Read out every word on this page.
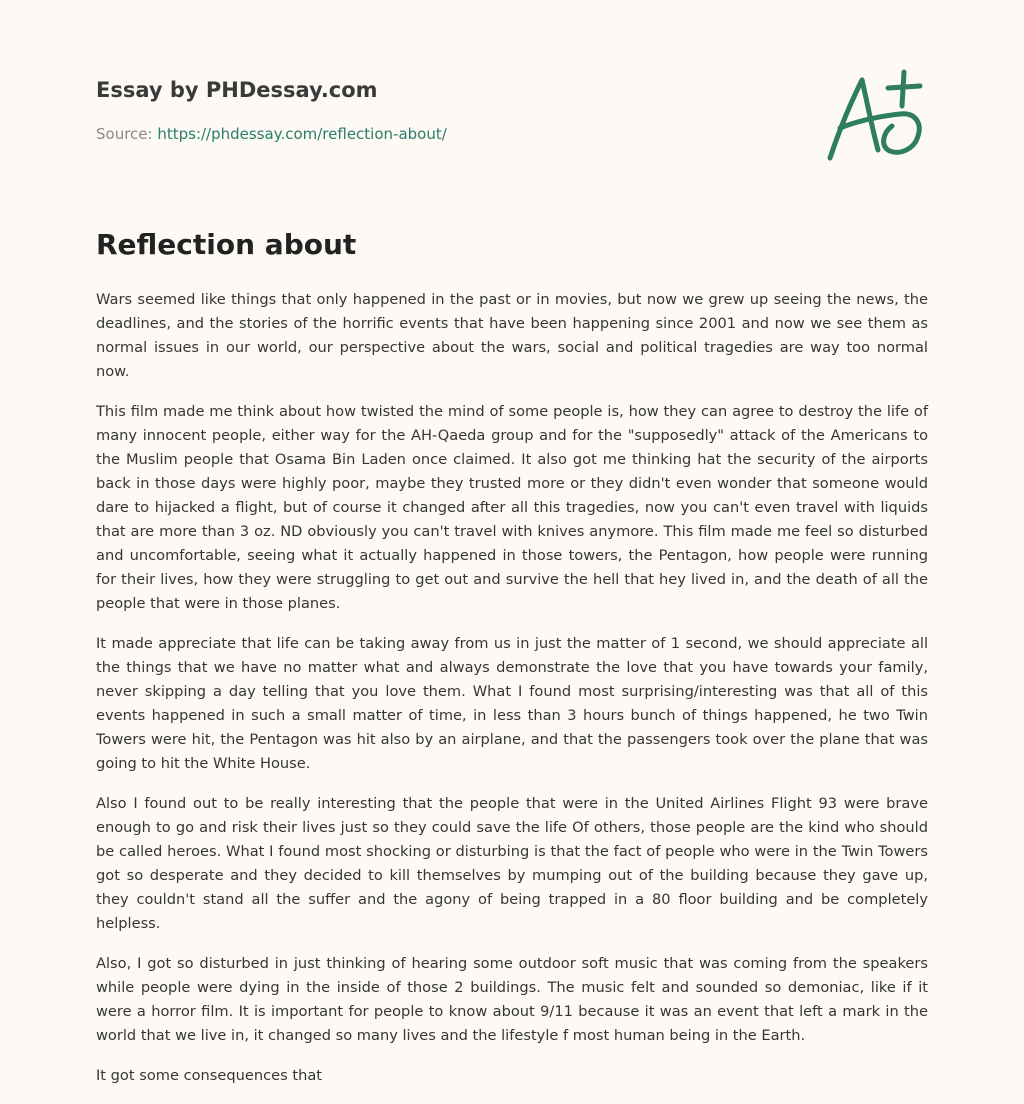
Essay by PHDessay.com
Source: https://phdessay.com/reflection-about/
Reflection about

Wars seemed like things that only happened in the past or in movies, but now we grew up seeing the news, the deadlines, and the stories of the horrific events that have been happening since 2001 and now we see them as normal issues in our world, our perspective about the wars, social and political tragedies are way too normal now.

This film made me think about how twisted the mind of some people is, how they can agree to destroy the life of many innocent people, either way for the AH-Qaeda group and for the "supposedly" attack of the Americans to the Muslim people that Osama Bin Laden once claimed. It also got me thinking hat the security of the airports back in those days were highly poor, maybe they trusted more or they didn't even wonder that someone would dare to hijacked a flight, but of course it changed after all this tragedies, now you can't even travel with liquids that are more than 3 oz. ND obviously you can't travel with knives anymore. This film made me feel so disturbed and uncomfortable, seeing what it actually happened in those towers, the Pentagon, how people were running for their lives, how they were struggling to get out and survive the hell that hey lived in, and the death of all the people that were in those planes.

It made appreciate that life can be taking away from us in just the matter of 1 second, we should appreciate all the things that we have no matter what and always demonstrate the love that you have towards your family, never skipping a day telling that you love them. What I found most surprising/interesting was that all of this events happened in such a small matter of time, in less than 3 hours bunch of things happened, he two Twin Towers were hit, the Pentagon was hit also by an airplane, and that the passengers took over the plane that was going to hit the White House.

Also I found out to be really interesting that the people that were in the United Airlines Flight 93 were brave enough to go and risk their lives just so they could save the life Of others, those people are the kind who should be called heroes. What I found most shocking or disturbing is that the fact of people who were in the Twin Towers got so desperate and they decided to kill themselves by mumping out of the building because they gave up, they couldn't stand all the suffer and the agony of being trapped in a 80 floor building and be completely helpless.

Also, I got so disturbed in just thinking of hearing some outdoor soft music that was coming from the speakers while people were dying in the inside of those 2 buildings. The music felt and sounded so demoniac, like if it were a horror film. It is important for people to know about 9/11 because it was an event that left a mark in the world that we live in, it changed so many lives and the lifestyle f most human being in the Earth.

It got some consequences that
